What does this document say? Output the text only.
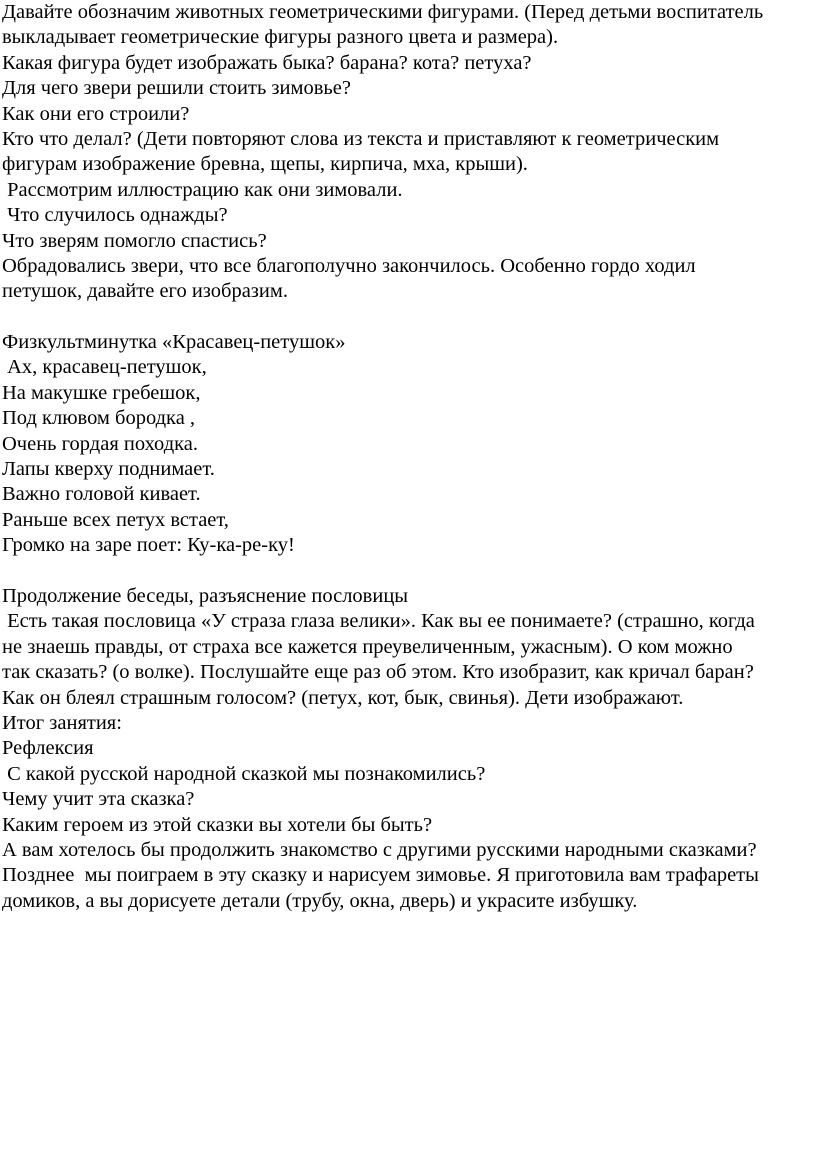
Давайте обозначим животных геометрическими фигурами. (Перед детьми воспитатель
выкладывает геометрические фигуры разного цвета и размера).
Какая фигура будет изображать быка? барана? кота? петуха?
Для чего звери решили стоить зимовье?
Как они его строили?
Кто что делал? (Дети повторяют слова из текста и приставляют к геометрическим
фигурам изображение бревна, щепы, кирпича, мха, крыши).
Рассмотрим иллюстрацию как они зимовали.
Что случилось однажды?
Что зверям помогло спастись?
Обрадовались звери, что все благополучно закончилось. Особенно гордо ходил
петушок, давайте его изобразим.
Физкультминутка «Красавец-петушок»
Ах, красавец-петушок,
На макушке гребешок,
Под клювом бородка ,
Очень гордая походка.
Лапы кверху поднимает.
Важно головой кивает.
Раньше всех петух встает,
Громко на заре поет: Ку-ка-ре-ку!
Продолжение беседы, разъяснение пословицы
Есть такая пословица «У страза глаза велики». Как вы ее понимаете? (страшно, когда
не знаешь правды, от страха все кажется преувеличенным, ужасным). О ком можно
так сказать? (о волке). Послушайте еще раз об этом. Кто изобразит, как кричал баран?
Как он блеял страшным голосом? (петух, кот, бык, свинья). Дети изображают.
Итог занятия:
Рефлексия
С какой русской народной сказкой мы познакомились?
Чему учит эта сказка?
Каким героем из этой сказки вы хотели бы быть?
А вам хотелось бы продолжить знакомство с другими русскими народными сказками?
Позднее  мы поиграем в эту сказку и нарисуем зимовье. Я приготовила вам трафареты
домиков, а вы дорисуете детали (трубу, окна, дверь) и украсите избушку.
